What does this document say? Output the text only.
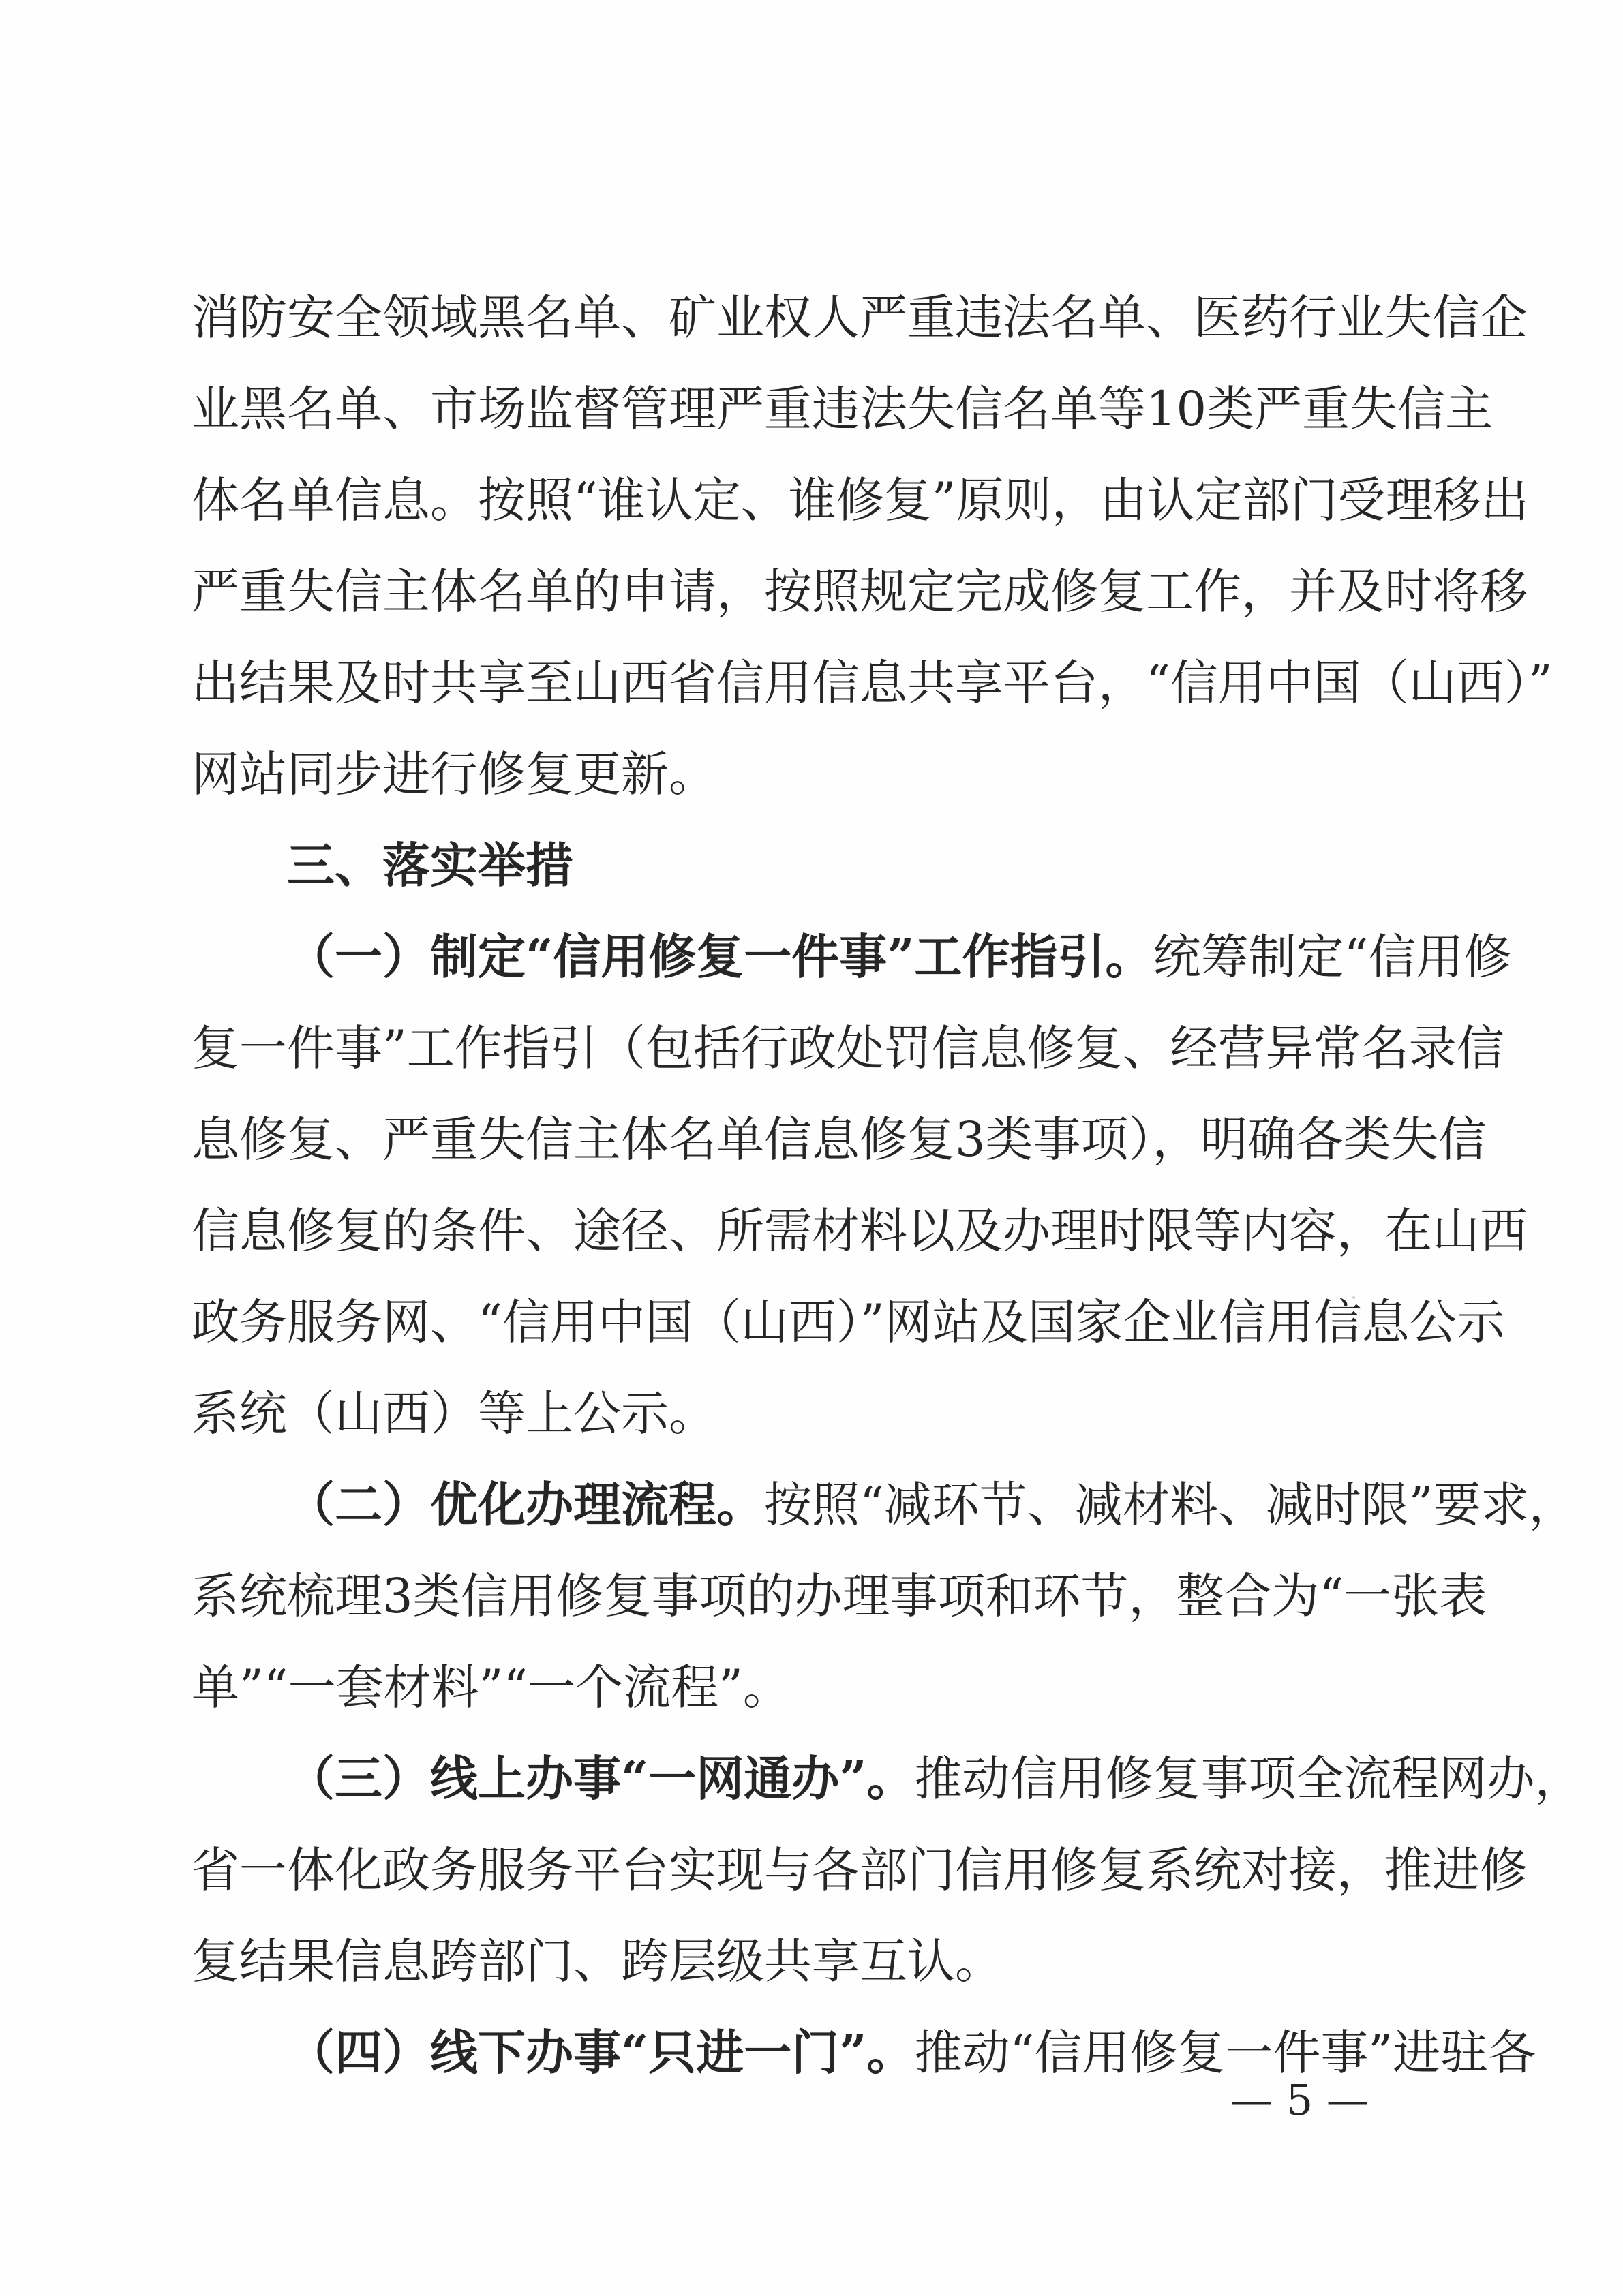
消防安全领域黑名单、矿业权人严重违法名单、医药行业失信企
业黑名单、市场监督管理严重违法失信名单等10类严重失信主
体名单信息。按照“谁认定、谁修复”原则，由认定部门受理移出
严重失信主体名单的申请，按照规定完成修复工作，并及时将移
出结果及时共享至山西省信用信息共享平台，“信用中国（山西）”
网站同步进行修复更新。
三、落实举措
（一）制定“信用修复一件事”工作指引。统筹制定“信用修
复一件事”工作指引（包括行政处罚信息修复、经营异常名录信
息修复、严重失信主体名单信息修复3类事项），明确各类失信
信息修复的条件、途径、所需材料以及办理时限等内容，在山西
政务服务网、“信用中国（山西）”网站及国家企业信用信息公示
系统（山西）等上公示。
（二）优化办理流程。按照“减环节、减材料、减时限”要求，
系统梳理3类信用修复事项的办理事项和环节，整合为“一张表
单”“一套材料”“一个流程”。
（三）线上办事“一网通办”。推动信用修复事项全流程网办，
省一体化政务服务平台实现与各部门信用修复系统对接，推进修
复结果信息跨部门、跨层级共享互认。
（四）线下办事“只进一门”。推动“信用修复一件事”进驻各
— 5 —
